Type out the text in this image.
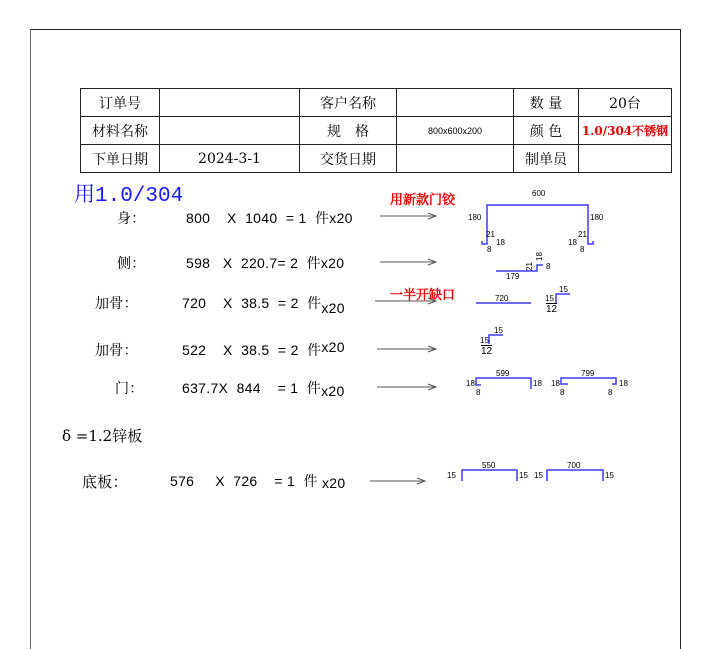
订单号		客户名称		数 量	20台
材料名称		规　格	800x600x200	颜 色	1.0/304不锈钢
下单日期	2024-3-1	交货日期		制单员	
用1.0/304	用新款门铰
一半开缺口
身：	800 X 1040 = 1 件x20
侧：	598 X 220.7= 2 件x20
加骨：	720 X 38.5 = 2 件x20
加骨：	522 X 38.5 = 2 件x20
门：	637.7X 844 = 1 件x20
δ =1.2锌板
底板：	576 X 726 = 1 件 x20
600
180	180
21
18
8
21
18
8
179
21
18
8
720
15
15
12
15
15
12
599
18	18
8
799
18	18
8	8
550
15	15
700
15	15
